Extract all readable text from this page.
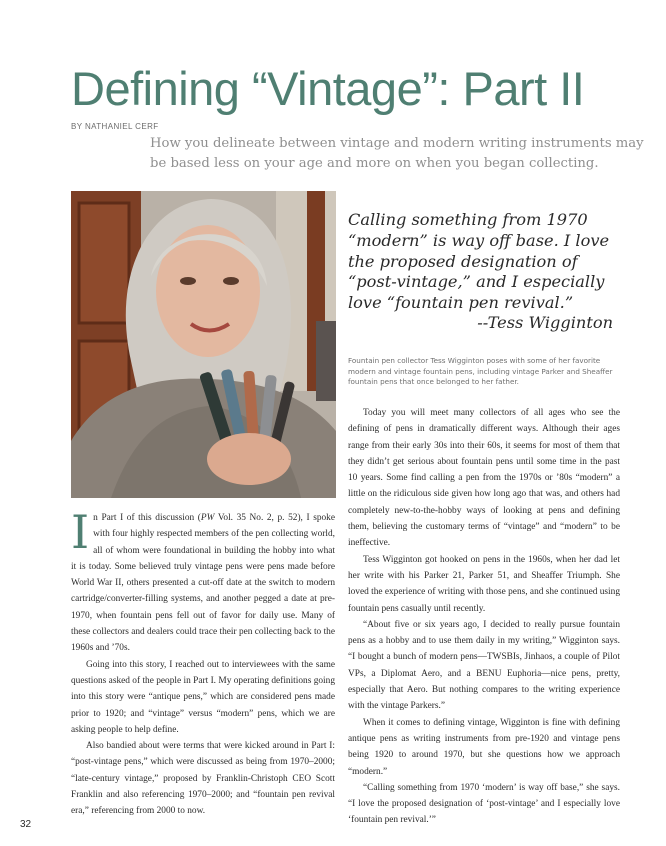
Defining “Vintage”: Part II
BY NATHANIEL CERF

How you delineate between vintage and modern writing instruments may be based less on your age and more on when you began collecting.

Calling something from 1970 “modern” is way off base. I love the proposed designation of “post-vintage,” and I especially love “fountain pen revival.”

--Tess Wigginton

Fountain pen collector Tess Wigginton poses with some of her favorite modern and vintage fountain pens, including vintage Parker and Sheaffer fountain pens that once belonged to her father.

In Part I of this discussion (PW Vol. 35 No. 2, p. 52), I spoke with four highly respected members of the pen collecting world, all of whom were foundational in building the hobby into what it is today. Some believed truly vintage pens were pens made before World War II, others presented a cut-off date at the switch to modern cartridge/converter-filling systems, and another pegged a date at pre-1970, when fountain pens fell out of favor for daily use. Many of these collectors and dealers could trace their pen collecting back to the 1960s and ’70s.

Going into this story, I reached out to interviewees with the same questions asked of the people in Part I. My operating definitions going into this story were “antique pens,” which are considered pens made prior to 1920; and “vintage” versus “modern” pens, which we are asking people to help define.

Also bandied about were terms that were kicked around in Part I: “post-vintage pens,” which were discussed as being from 1970–2000; “late-century vintage,” proposed by Franklin-Christoph CEO Scott Franklin and also referencing 1970–2000; and “fountain pen revival era,” referencing from 2000 to now.

Today you will meet many collectors of all ages who see the defining of pens in dramatically different ways. Although their ages range from their early 30s into their 60s, it seems for most of them that they didn’t get serious about fountain pens until some time in the past 10 years. Some find calling a pen from the 1970s or ’80s “modern” a little on the ridiculous side given how long ago that was, and others had completely new-to-the-hobby ways of looking at pens and defining them, believing the customary terms of “vintage” and “modern” to be ineffective.

Tess Wigginton got hooked on pens in the 1960s, when her dad let her write with his Parker 21, Parker 51, and Sheaffer Triumph. She loved the experience of writing with those pens, and she continued using fountain pens casually until recently.

“About five or six years ago, I decided to really pursue fountain pens as a hobby and to use them daily in my writing,” Wigginton says. “I bought a bunch of modern pens—TWSBIs, Jinhaos, a couple of Pilot VPs, a Diplomat Aero, and a BENU Euphoria—nice pens, pretty, especially that Aero. But nothing compares to the writing experience with the vintage Parkers.”

When it comes to defining vintage, Wigginton is fine with defining antique pens as writing instruments from pre-1920 and vintage pens being 1920 to around 1970, but she questions how we approach “modern.”

“Calling something from 1970 ‘modern’ is way off base,” she says. “I love the proposed designation of ‘post-vintage’ and I especially love ‘fountain pen revival.’”

32
